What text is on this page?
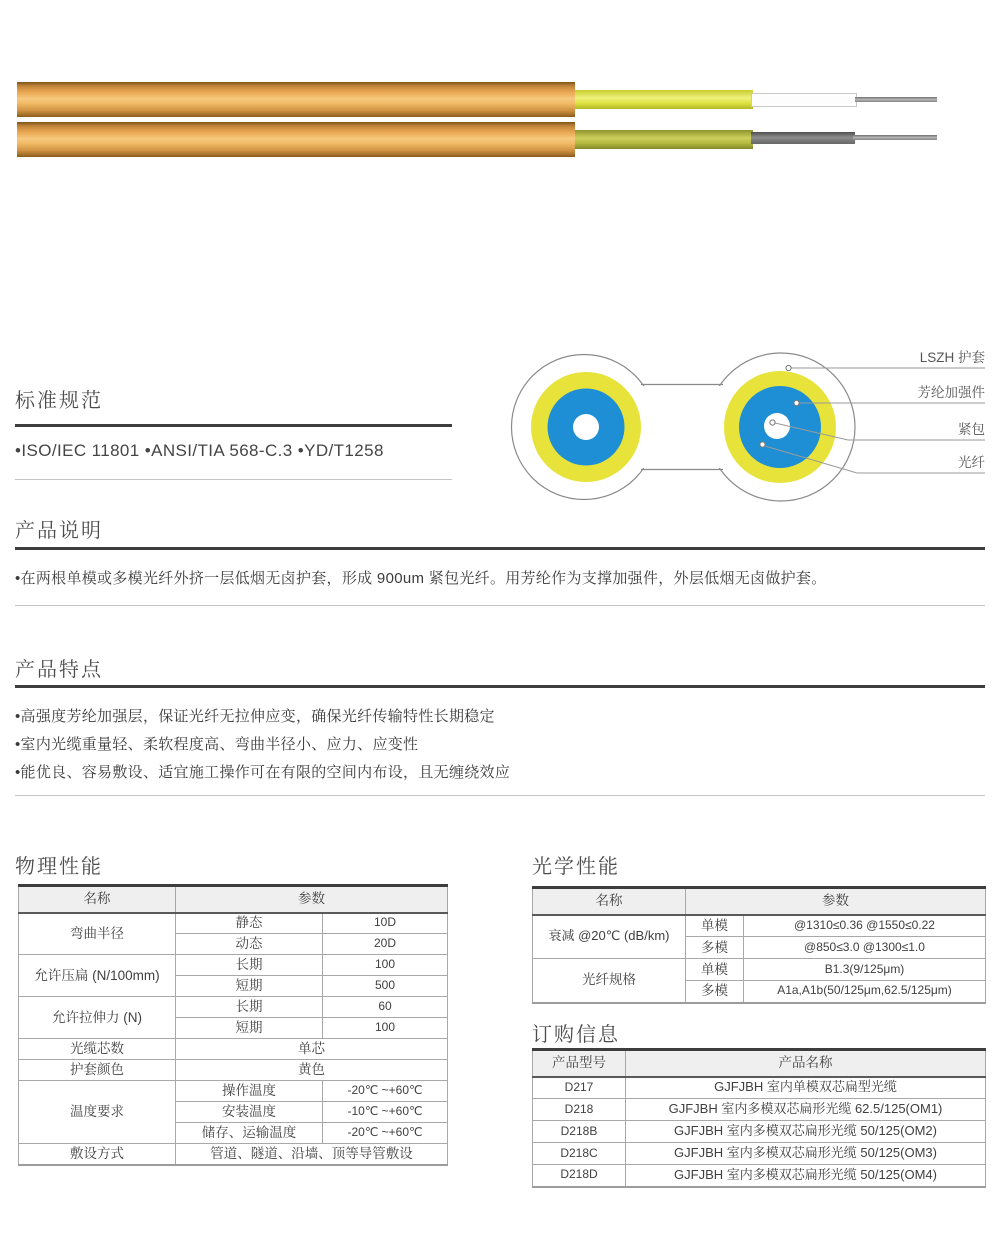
LSZH 护套
芳纶加强件
紧包
光纤
标准规范
•ISO/IEC 11801 •ANSI/TIA 568-C.3 •YD/T1258
产品说明
•在两根单模或多模光纤外挤一层低烟无卤护套，形成 900um 紧包光纤。用芳纶作为支撑加强件，外层低烟无卤做护套。
产品特点
•高强度芳纶加强层，保证光纤无拉伸应变，确保光纤传输特性长期稳定
•室内光缆重量轻、柔软程度高、弯曲半径小、应力、应变性
•能优良、容易敷设、适宜施工操作可在有限的空间内布设，且无缠绕效应
物理性能
名称	参数	
弯曲半径	静态	10D
	动态	20D
允许压扁 (N/100mm)	长期	100
	短期	500
允许拉伸力 (N)	长期	60
	短期	100
光缆芯数	单芯	
护套颜色	黄色	
温度要求	操作温度	-20℃ ~+60℃
	安装温度	-10℃ ~+60℃
	储存、运输温度	-20℃ ~+60℃
敷设方式	管道、隧道、沿墙、顶等导管敷设	
光学性能
名称	参数	
衰减 @20℃ (dB/km)	单模	@1310≤0.36 @1550≤0.22
	多模	@850≤3.0 @1300≤1.0
光纤规格	单模	B1.3(9/125μm)
	多模	A1a,A1b(50/125μm,62.5/125μm)
订购信息
产品型号	产品名称
D217	GJFJBH 室内单模双芯扁型光缆
D218	GJFJBH 室内多模双芯扁形光缆 62.5/125(OM1)
D218B	GJFJBH 室内多模双芯扁形光缆 50/125(OM2)
D218C	GJFJBH 室内多模双芯扁形光缆 50/125(OM3)
D218D	GJFJBH 室内多模双芯扁形光缆 50/125(OM4)
